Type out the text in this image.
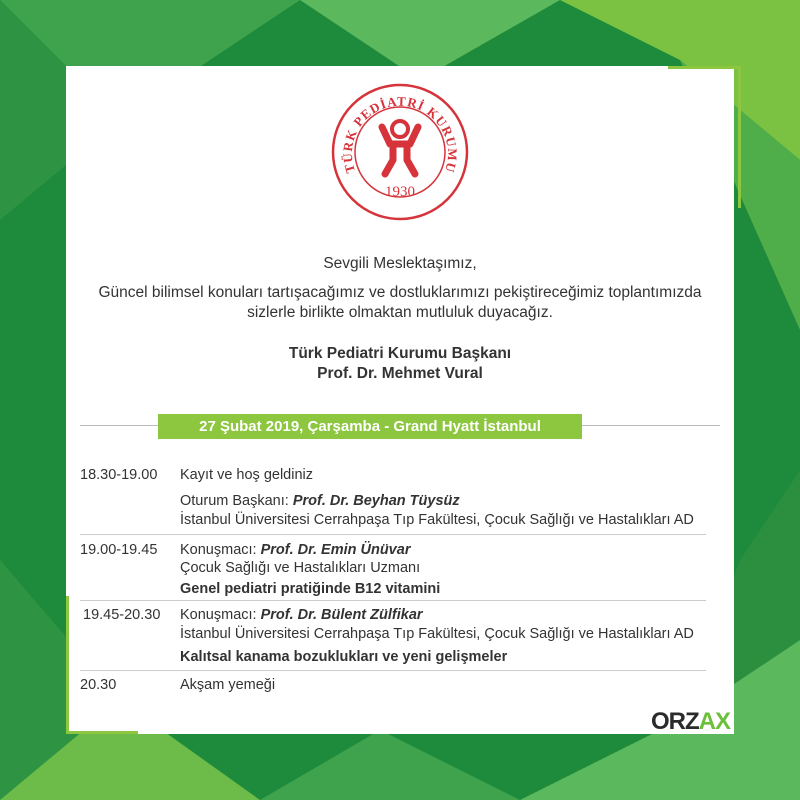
TÜRK PEDİATRİ KURUMU
1930
Sevgili Meslektaşımız,
Güncel bilimsel konuları tartışacağımız ve dostluklarımızı pekiştireceğimiz toplantımızda
sizlerle birlikte olmaktan mutluluk duyacağız.
Türk Pediatri Kurumu Başkanı
Prof. Dr. Mehmet Vural
27 Şubat 2019, Çarşamba - Grand Hyatt İstanbul
18.30-19.00 Kayıt ve hoş geldiniz
Oturum Başkanı: Prof. Dr. Beyhan Tüysüz
İstanbul Üniversitesi Cerrahpaşa Tıp Fakültesi, Çocuk Sağlığı ve Hastalıkları AD
19.00-19.45 Konuşmacı: Prof. Dr. Emin Ünüvar
Çocuk Sağlığı ve Hastalıkları Uzmanı
Genel pediatri pratiğinde B12 vitamini
19.45-20.30 Konuşmacı: Prof. Dr. Bülent Zülfikar
İstanbul Üniversitesi Cerrahpaşa Tıp Fakültesi, Çocuk Sağlığı ve Hastalıkları AD
Kalıtsal kanama bozuklukları ve yeni gelişmeler
20.30	Akşam yemeği
ORZAX
